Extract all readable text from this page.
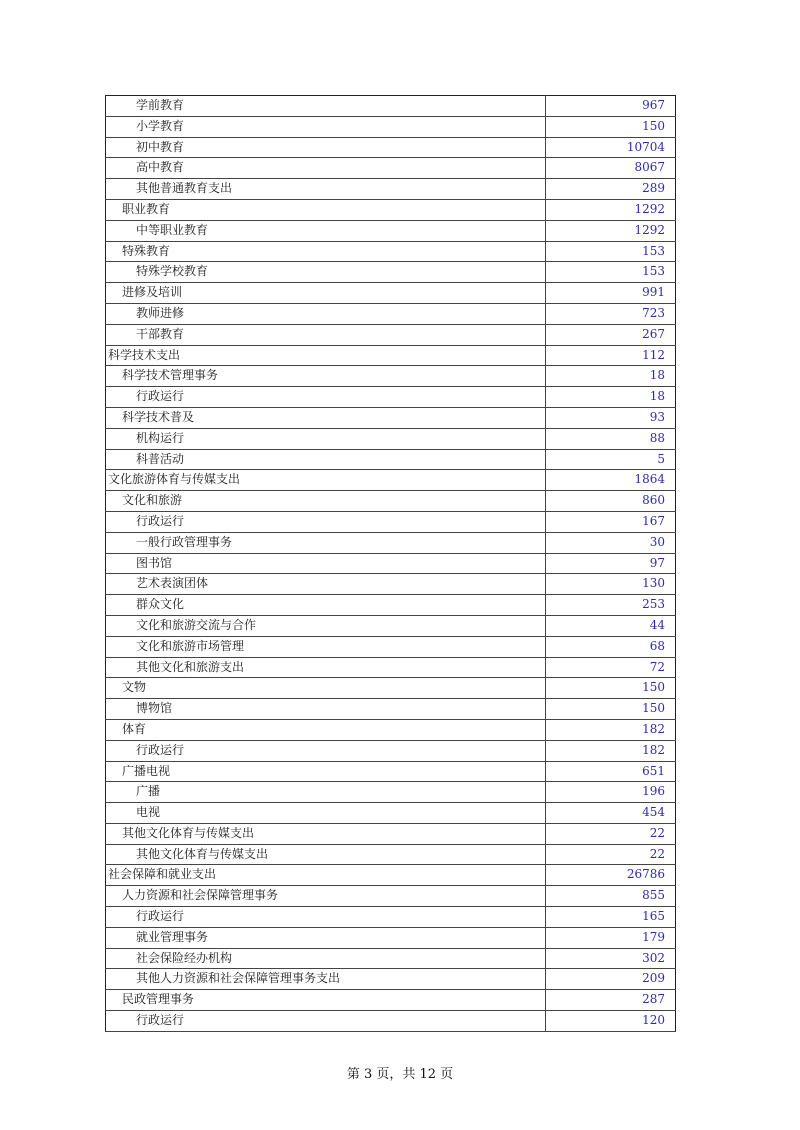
学前教育	967
小学教育	150
初中教育	10704
高中教育	8067
其他普通教育支出	289
职业教育	1292
中等职业教育	1292
特殊教育	153
特殊学校教育	153
进修及培训	991
教师进修	723
干部教育	267
科学技术支出	112
科学技术管理事务	18
行政运行	18
科学技术普及	93
机构运行	88
科普活动	5
文化旅游体育与传媒支出	1864
文化和旅游	860
行政运行	167
一般行政管理事务	30
图书馆	97
艺术表演团体	130
群众文化	253
文化和旅游交流与合作	44
文化和旅游市场管理	68
其他文化和旅游支出	72
文物	150
博物馆	150
体育	182
行政运行	182
广播电视	651
广播	196
电视	454
其他文化体育与传媒支出	22
其他文化体育与传媒支出	22
社会保障和就业支出	26786
人力资源和社会保障管理事务	855
行政运行	165
就业管理事务	179
社会保险经办机构	302
其他人力资源和社会保障管理事务支出	209
民政管理事务	287
行政运行	120
第 3 页，共 12 页
